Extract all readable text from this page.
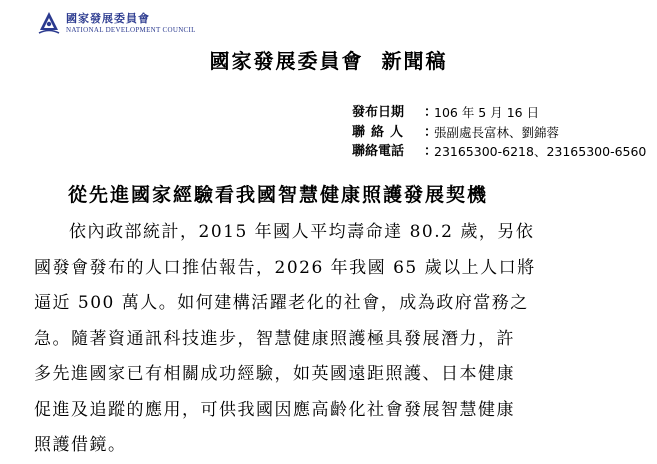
國家發展委員會
NATIONAL DEVELOPMENT COUNCIL
國家發展委員會  新聞稿
發布日期	：
106 年 5 月 16 日
聯絡人	：
張副處長富林、劉錦蓉
聯絡電話	：
23165300-6218、23165300-6560
從先進國家經驗看我國智慧健康照護發展契機

依內政部統計，2015 年國人平均壽命達 80.2 歲，另依

國發會發布的人口推估報告，2026 年我國 65 歲以上人口將

逼近 500 萬人。如何建構活躍老化的社會，成為政府當務之

急。隨著資通訊科技進步，智慧健康照護極具發展潛力，許

多先進國家已有相關成功經驗，如英國遠距照護、日本健康

促進及追蹤的應用，可供我國因應高齡化社會發展智慧健康

照護借鏡。
